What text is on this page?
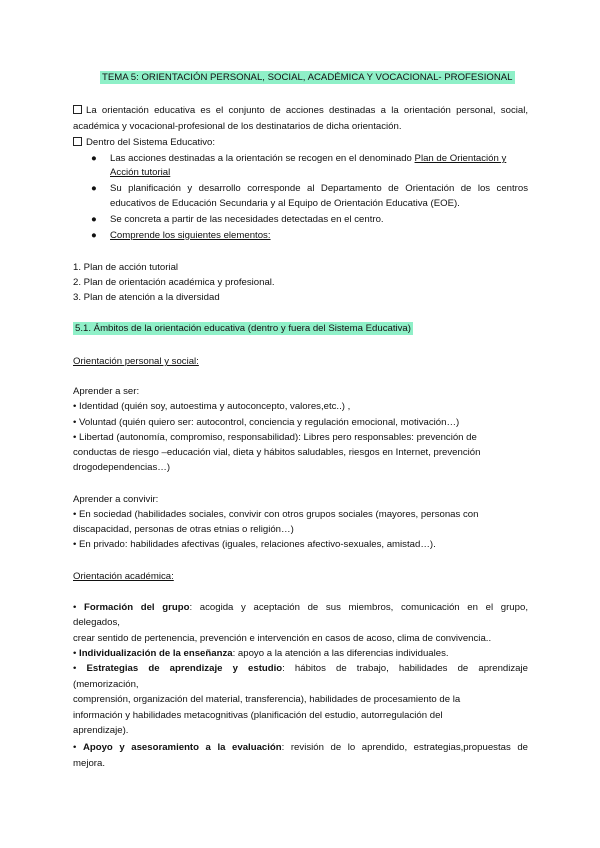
TEMA 5: ORIENTACIÓN PERSONAL, SOCIAL, ACADÉMICA Y VOCACIONAL- PROFESIONAL
La orientación educativa es el conjunto de acciones destinadas a la orientación personal, social,
académica y vocacional-profesional de los destinatarios de dicha orientación.
Dentro del Sistema Educativo:
● Las acciones destinadas a la orientación se recogen en el denominado Plan de Orientación y
Acción tutorial
● Su planificación y desarrollo corresponde al Departamento de Orientación de los centros
educativos de Educación Secundaria y al Equipo de Orientación Educativa (EOE).
● Se concreta a partir de las necesidades detectadas en el centro.
● Comprende los siguientes elementos:
1. Plan de acción tutorial
2. Plan de orientación académica y profesional.
3. Plan de atención a la diversidad
5.1. Ámbitos de la orientación educativa (dentro y fuera del Sistema Educativa)
Orientación personal y social:
Aprender a ser:
• Identidad (quién soy, autoestima y autoconcepto, valores,etc..) ,
• Voluntad (quién quiero ser: autocontrol, conciencia y regulación emocional, motivación…)
• Libertad (autonomía, compromiso, responsabilidad): Libres pero responsables: prevención de
conductas de riesgo –educación vial, dieta y hábitos saludables, riesgos en Internet, prevención
drogodependencias…)
Aprender a convivir:
• En sociedad (habilidades sociales, convivir con otros grupos sociales (mayores, personas con
discapacidad, personas de otras etnias o religión…)
• En privado: habilidades afectivas (iguales, relaciones afectivo-sexuales, amistad…).
Orientación académica:
• Formación del grupo: acogida y aceptación de sus miembros, comunicación en el grupo,
delegados,
crear sentido de pertenencia, prevención e intervención en casos de acoso, clima de convivencia..
• Individualización de la enseñanza: apoyo a la atención a las diferencias individuales.
• Estrategias de aprendizaje y estudio: hábitos de trabajo, habilidades de aprendizaje
(memorización,
comprensión, organización del material, transferencia), habilidades de procesamiento de la
información y habilidades metacognitivas (planificación del estudio, autorregulación del
aprendizaje).
• Apoyo y asesoramiento a la evaluación: revisión de lo aprendido, estrategias,propuestas de
mejora.
